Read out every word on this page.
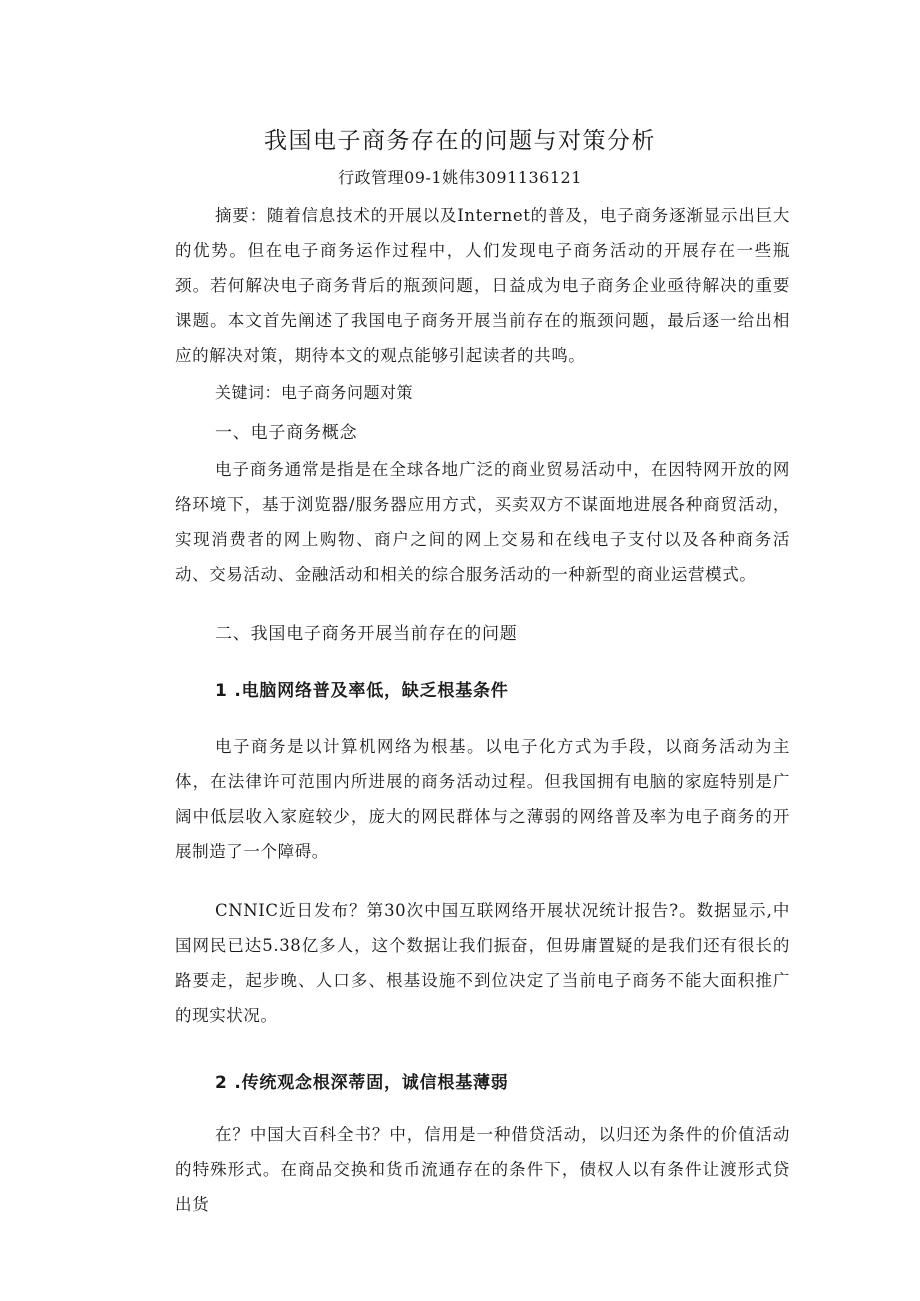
我国电子商务存在的问题与对策分析
行政管理09-1姚伟3091136121

摘要：随着信息技术的开展以及Internet的普及，电子商务逐渐显示出巨大的优势。但在电子商务运作过程中，人们发现电子商务活动的开展存在一些瓶颈。若何解决电子商务背后的瓶颈问题，日益成为电子商务企业亟待解决的重要课题。本文首先阐述了我国电子商务开展当前存在的瓶颈问题，最后逐一给出相应的解决对策，期待本文的观点能够引起读者的共鸣。

关键词：电子商务问题对策
一、电子商务概念

电子商务通常是指是在全球各地广泛的商业贸易活动中，在因特网开放的网络环境下，基于浏览器/服务器应用方式，买卖双方不谋面地进展各种商贸活动，实现消费者的网上购物、商户之间的网上交易和在线电子支付以及各种商务活动、交易活动、金融活动和相关的综合服务活动的一种新型的商业运营模式。

二、我国电子商务开展当前存在的问题
1 .电脑网络普及率低，缺乏根基条件

电子商务是以计算机网络为根基。以电子化方式为手段，以商务活动为主体，在法律许可范围内所进展的商务活动过程。但我国拥有电脑的家庭特别是广阔中低层收入家庭较少，庞大的网民群体与之薄弱的网络普及率为电子商务的开展制造了一个障碍。

CNNIC近日发布？第30次中国互联网络开展状况统计报告?。数据显示,中国网民已达5.38亿多人，这个数据让我们振奋，但毋庸置疑的是我们还有很长的路要走，起步晚、人口多、根基设施不到位决定了当前电子商务不能大面积推广的现实状况。

2 .传统观念根深蒂固，诚信根基薄弱

在？中国大百科全书？中，信用是一种借贷活动，以归还为条件的价值活动的特殊形式。在商品交换和货币流通存在的条件下，债权人以有条件让渡形式贷出货
